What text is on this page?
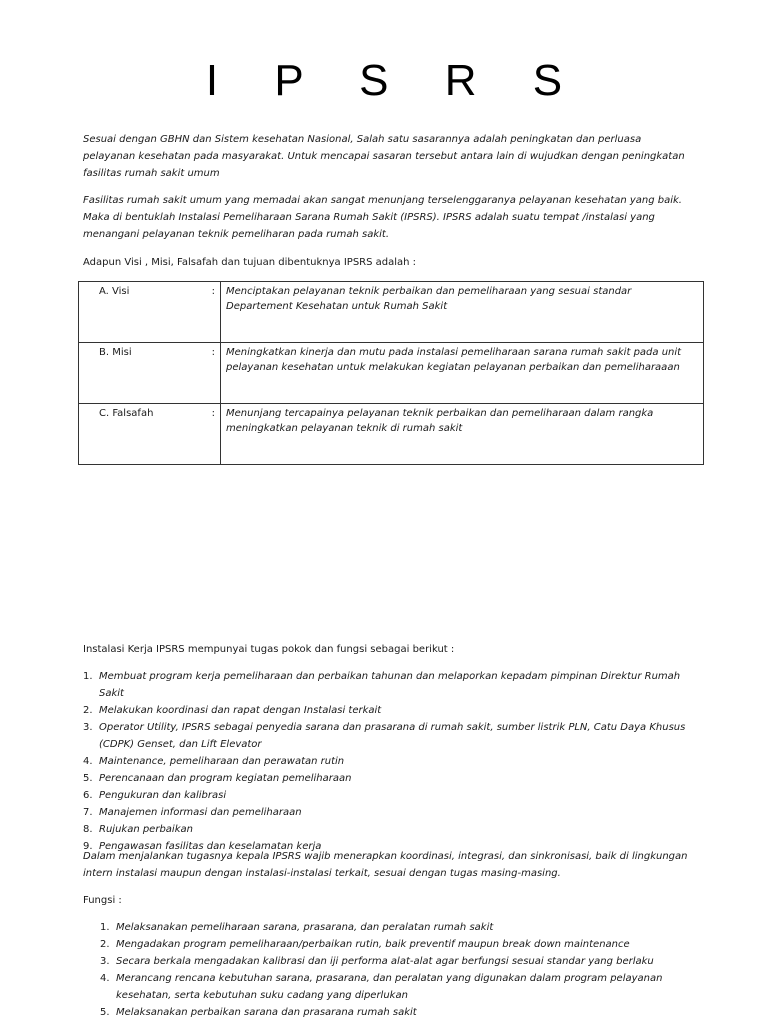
I P S R S

Sesuai dengan GBHN dan Sistem kesehatan Nasional, Salah satu sasarannya adalah peningkatan dan perluasa pelayanan kesehatan pada masyarakat. Untuk mencapai sasaran tersebut antara lain di wujudkan dengan peningkatan fasilitas rumah sakit umum

Fasilitas rumah sakit umum yang memadai akan sangat menunjang terselenggaranya pelayanan kesehatan yang baik. Maka di bentuklah Instalasi Pemeliharaan Sarana Rumah Sakit (IPSRS). IPSRS adalah suatu tempat /instalasi yang menangani pelayanan teknik pemeliharan pada rumah sakit.

Adapun Visi , Misi, Falsafah dan tujuan dibentuknya IPSRS adalah :

A. Visi :	Menciptakan pelayanan teknik perbaikan dan pemeliharaan yang sesuai standar Departement Kesehatan untuk Rumah Sakit
B. Misi :	Meningkatkan kinerja dan mutu pada instalasi pemeliharaan sarana rumah sakit pada unit pelayanan kesehatan untuk melakukan kegiatan pelayanan perbaikan dan pemeliharaaan
C. Falsafah :	Menunjang tercapainya pelayanan teknik perbaikan dan pemeliharaan dalam rangka meningkatkan pelayanan teknik di rumah sakit

Instalasi Kerja IPSRS mempunyai tugas pokok dan fungsi sebagai berikut :

1. Membuat program kerja pemeliharaan dan perbaikan tahunan dan melaporkan kepadam pimpinan Direktur Rumah Sakit
2. Melakukan koordinasi dan rapat dengan Instalasi terkait
3. Operator Utility, IPSRS sebagai penyedia sarana dan prasarana di rumah sakit, sumber listrik PLN, Catu Daya Khusus (CDPK) Genset, dan Lift Elevator
4. Maintenance, pemeliharaan dan perawatan rutin
5. Perencanaan dan program kegiatan pemeliharaan
6. Pengukuran dan kalibrasi
7. Manajemen informasi dan pemeliharaan
8. Rujukan perbaikan
9. Pengawasan fasilitas dan keselamatan kerja

Dalam menjalankan tugasnya kepala IPSRS wajib menerapkan koordinasi, integrasi, dan sinkronisasi, baik di lingkungan intern instalasi maupun dengan instalasi-instalasi terkait, sesuai dengan tugas masing-masing.

Fungsi :

1. Melaksanakan pemeliharaan sarana, prasarana, dan peralatan rumah sakit
2. Mengadakan program pemeliharaan/perbaikan rutin, baik preventif maupun break down maintenance
3. Secara berkala mengadakan kalibrasi dan iji performa alat-alat agar berfungsi sesuai standar yang berlaku
4. Merancang rencana kebutuhan sarana, prasarana, dan peralatan yang digunakan dalam program pelayanan kesehatan, serta kebutuhan suku cadang yang diperlukan
5. Melaksanakan perbaikan sarana dan prasarana rumah sakit
